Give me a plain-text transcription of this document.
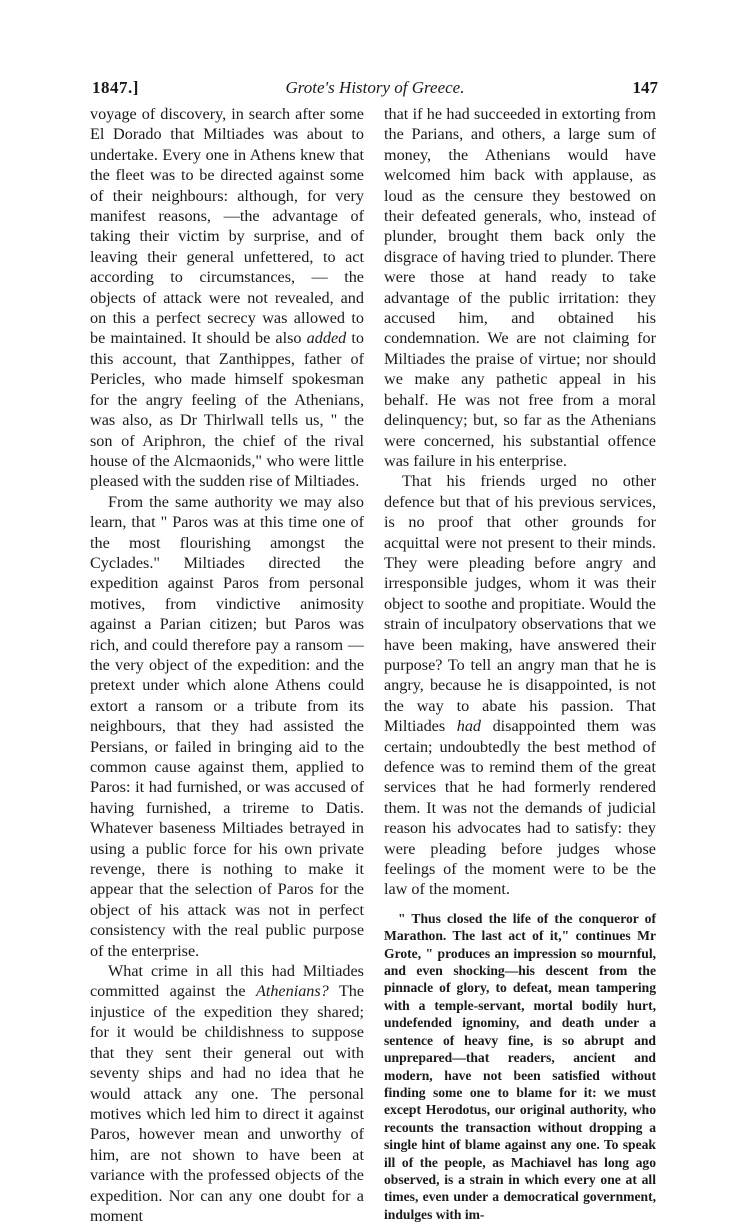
1847.]	Grote's History of Greece.	147

voyage of discovery, in search after some El Dorado that Miltiades was about to undertake. Every one in Athens knew that the fleet was to be directed against some of their neighbours: although, for very manifest reasons, —the advantage of taking their victim by surprise, and of leaving their general unfettered, to act according to circumstances, — the objects of attack were not revealed, and on this a perfect secrecy was allowed to be maintained. It should be also added to this account, that Zanthippes, father of Pericles, who made himself spokesman for the angry feeling of the Athenians, was also, as Dr Thirlwall tells us, " the son of Ariphron, the chief of the rival house of the Alcmaonids," who were little pleased with the sudden rise of Miltiades.

From the same authority we may also learn, that " Paros was at this time one of the most flourishing amongst the Cyclades." Miltiades directed the expedition against Paros from personal motives, from vindictive animosity against a Parian citizen; but Paros was rich, and could therefore pay a ransom — the very object of the expedition: and the pretext under which alone Athens could extort a ransom or a tribute from its neighbours, that they had assisted the Persians, or failed in bringing aid to the common cause against them, applied to Paros: it had furnished, or was accused of having furnished, a trireme to Datis. Whatever baseness Miltiades betrayed in using a public force for his own private revenge, there is nothing to make it appear that the selection of Paros for the object of his attack was not in perfect consistency with the real public purpose of the enterprise.

What crime in all this had Miltiades committed against the Athenians? The injustice of the expedition they shared; for it would be childishness to suppose that they sent their general out with seventy ships and had no idea that he would attack any one. The personal motives which led him to direct it against Paros, however mean and unworthy of him, are not shown to have been at variance with the professed objects of the expedition. Nor can any one doubt for a moment

that if he had succeeded in extorting from the Parians, and others, a large sum of money, the Athenians would have welcomed him back with applause, as loud as the censure they bestowed on their defeated generals, who, instead of plunder, brought them back only the disgrace of having tried to plunder. There were those at hand ready to take advantage of the public irritation: they accused him, and obtained his condemnation. We are not claiming for Miltiades the praise of virtue; nor should we make any pathetic appeal in his behalf. He was not free from a moral delinquency; but, so far as the Athenians were concerned, his substantial offence was failure in his enterprise.

That his friends urged no other defence but that of his previous services, is no proof that other grounds for acquittal were not present to their minds. They were pleading before angry and irresponsible judges, whom it was their object to soothe and propitiate. Would the strain of inculpatory observations that we have been making, have answered their purpose? To tell an angry man that he is angry, because he is disappointed, is not the way to abate his passion. That Miltiades had disappointed them was certain; undoubtedly the best method of defence was to remind them of the great services that he had formerly rendered them. It was not the demands of judicial reason his advocates had to satisfy: they were pleading before judges whose feelings of the moment were to be the law of the moment.

" Thus closed the life of the conqueror of Marathon. The last act of it," continues Mr Grote, " produces an impression so mournful, and even shocking—his descent from the pinnacle of glory, to defeat, mean tampering with a temple-servant, mortal bodily hurt, undefended ignominy, and death under a sentence of heavy fine, is so abrupt and unprepared—that readers, ancient and modern, have not been satisfied without finding some one to blame for it: we must except Herodotus, our original authority, who recounts the transaction without dropping a single hint of blame against any one. To speak ill of the people, as Machiavel has long ago observed, is a strain in which every one at all times, even under a democratical government, indulges with im-
